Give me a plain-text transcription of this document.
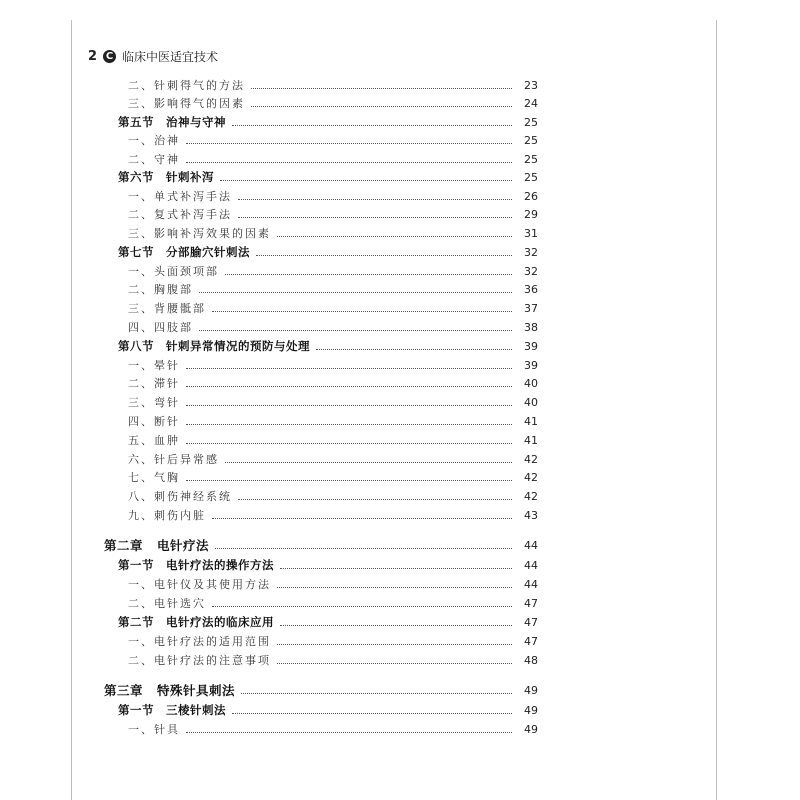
2 C 临床中医适宜技术
二、针刺得气的方法	23
三、影响得气的因素	24
第五节 治神与守神	25
一、治神	25
二、守神	25
第六节 针刺补泻	25
一、单式补泻手法	26
二、复式补泻手法	29
三、影响补泻效果的因素	31
第七节 分部腧穴针刺法	32
一、头面颈项部	32
二、胸腹部	36
三、背腰骶部	37
四、四肢部	38
第八节 针刺异常情况的预防与处理	39
一、晕针	39
二、滞针	40
三、弯针	40
四、断针	41
五、血肿	41
六、针后异常感	42
七、气胸	42
八、刺伤神经系统	42
九、刺伤内脏	43
第二章 电针疗法	44
第一节 电针疗法的操作方法	44
一、电针仪及其使用方法	44
二、电针选穴	47
第二节 电针疗法的临床应用	47
一、电针疗法的适用范围	47
二、电针疗法的注意事项	48
第三章 特殊针具刺法	49
第一节 三棱针刺法	49
一、针具	49
